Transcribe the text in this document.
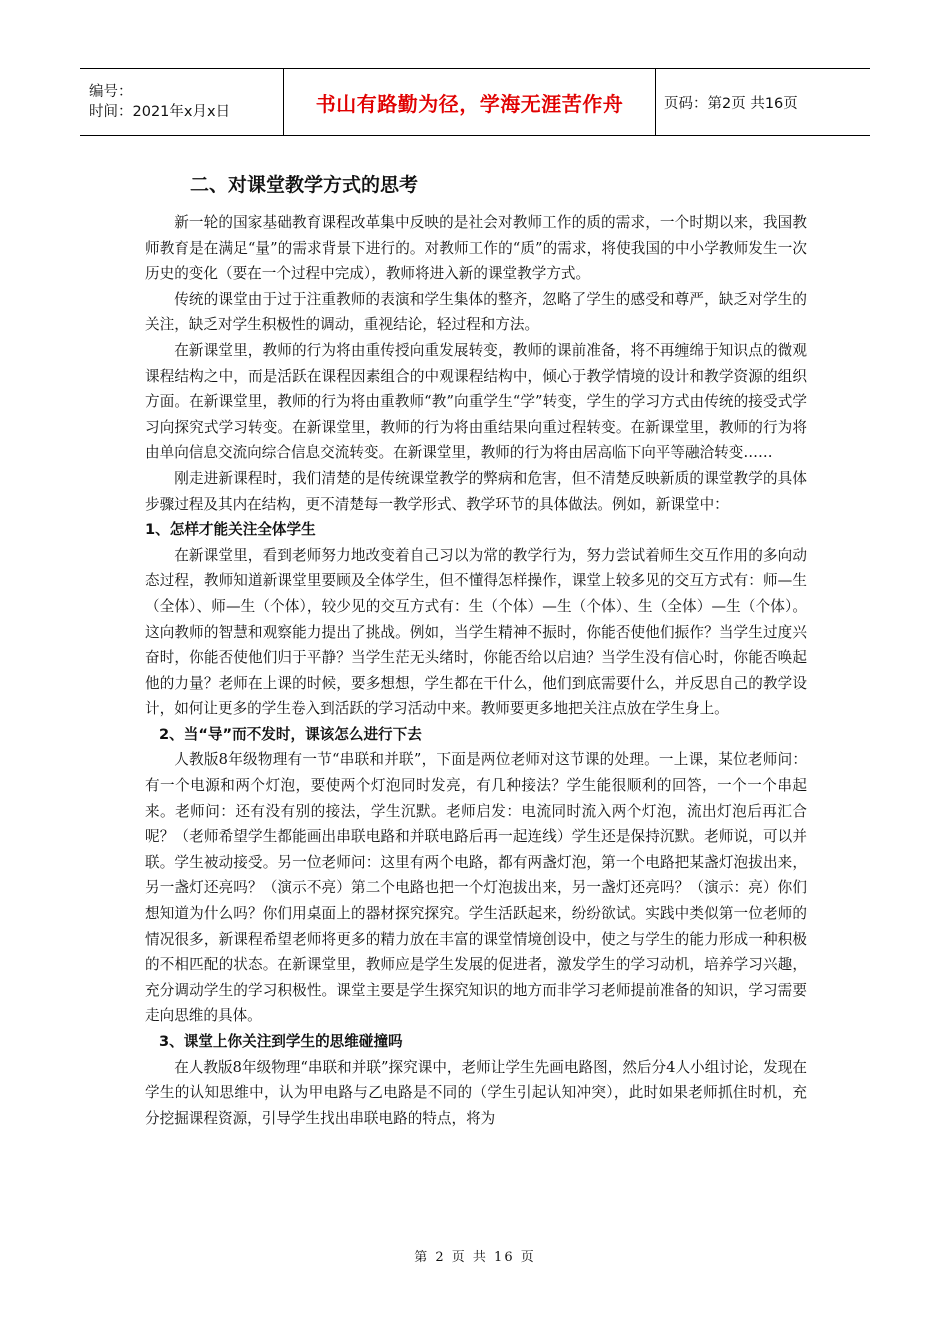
编号：
时间：2021年x月x日	书山有路勤为径，学海无涯苦作舟	页码：第2页 共16页
二、对课堂教学方式的思考

新一轮的国家基础教育课程改革集中反映的是社会对教师工作的质的需求，一个时期以来，我国教师教育是在满足“量”的需求背景下进行的。对教师工作的“质”的需求，将使我国的中小学教师发生一次历史的变化（要在一个过程中完成），教师将进入新的课堂教学方式。

传统的课堂由于过于注重教师的表演和学生集体的整齐，忽略了学生的感受和尊严，缺乏对学生的关注，缺乏对学生积极性的调动，重视结论，轻过程和方法。

在新课堂里，教师的行为将由重传授向重发展转变，教师的课前准备，将不再缠绵于知识点的微观课程结构之中，而是活跃在课程因素组合的中观课程结构中，倾心于教学情境的设计和教学资源的组织方面。在新课堂里，教师的行为将由重教师“教”向重学生“学”转变，学生的学习方式由传统的接受式学习向探究式学习转变。在新课堂里，教师的行为将由重结果向重过程转变。在新课堂里，教师的行为将由单向信息交流向综合信息交流转变。在新课堂里，教师的行为将由居高临下向平等融洽转变……

刚走进新课程时，我们清楚的是传统课堂教学的弊病和危害，但不清楚反映新质的课堂教学的具体步骤过程及其内在结构，更不清楚每一教学形式、教学环节的具体做法。例如，新课堂中：

1、怎样才能关注全体学生

在新课堂里，看到老师努力地改变着自己习以为常的教学行为，努力尝试着师生交互作用的多向动态过程，教师知道新课堂里要顾及全体学生，但不懂得怎样操作，课堂上较多见的交互方式有：师—生（全体）、师—生（个体），较少见的交互方式有：生（个体）—生（个体）、生（全体）—生（个体）。这向教师的智慧和观察能力提出了挑战。例如，当学生精神不振时，你能否使他们振作？当学生过度兴奋时，你能否使他们归于平静？当学生茫无头绪时，你能否给以启迪？当学生没有信心时，你能否唤起他的力量？老师在上课的时候，要多想想，学生都在干什么，他们到底需要什么，并反思自己的教学设计，如何让更多的学生卷入到活跃的学习活动中来。教师要更多地把关注点放在学生身上。

2、当“导”而不发时，课该怎么进行下去

人教版8年级物理有一节“串联和并联”，下面是两位老师对这节课的处理。一上课，某位老师问：有一个电源和两个灯泡，要使两个灯泡同时发亮，有几种接法？学生能很顺利的回答，一个一个串起来。老师问：还有没有别的接法，学生沉默。老师启发：电流同时流入两个灯泡，流出灯泡后再汇合呢？（老师希望学生都能画出串联电路和并联电路后再一起连线）学生还是保持沉默。老师说，可以并联。学生被动接受。另一位老师问：这里有两个电路，都有两盏灯泡，第一个电路把某盏灯泡拔出来，另一盏灯还亮吗？（演示不亮）第二个电路也把一个灯泡拔出来，另一盏灯还亮吗？（演示：亮）你们想知道为什么吗？你们用桌面上的器材探究探究。学生活跃起来，纷纷欲试。实践中类似第一位老师的情况很多，新课程希望老师将更多的精力放在丰富的课堂情境创设中，使之与学生的能力形成一种积极的不相匹配的状态。在新课堂里，教师应是学生发展的促进者，激发学生的学习动机，培养学习兴趣，充分调动学生的学习积极性。课堂主要是学生探究知识的地方而非学习老师提前准备的知识，学习需要走向思维的具体。

3、课堂上你关注到学生的思维碰撞吗

在人教版8年级物理“串联和并联”探究课中，老师让学生先画电路图，然后分4人小组讨论，发现在学生的认知思维中，认为甲电路与乙电路是不同的（学生引起认知冲突），此时如果老师抓住时机，充分挖掘课程资源，引导学生找出串联电路的特点，将为

第 2 页 共 16 页
